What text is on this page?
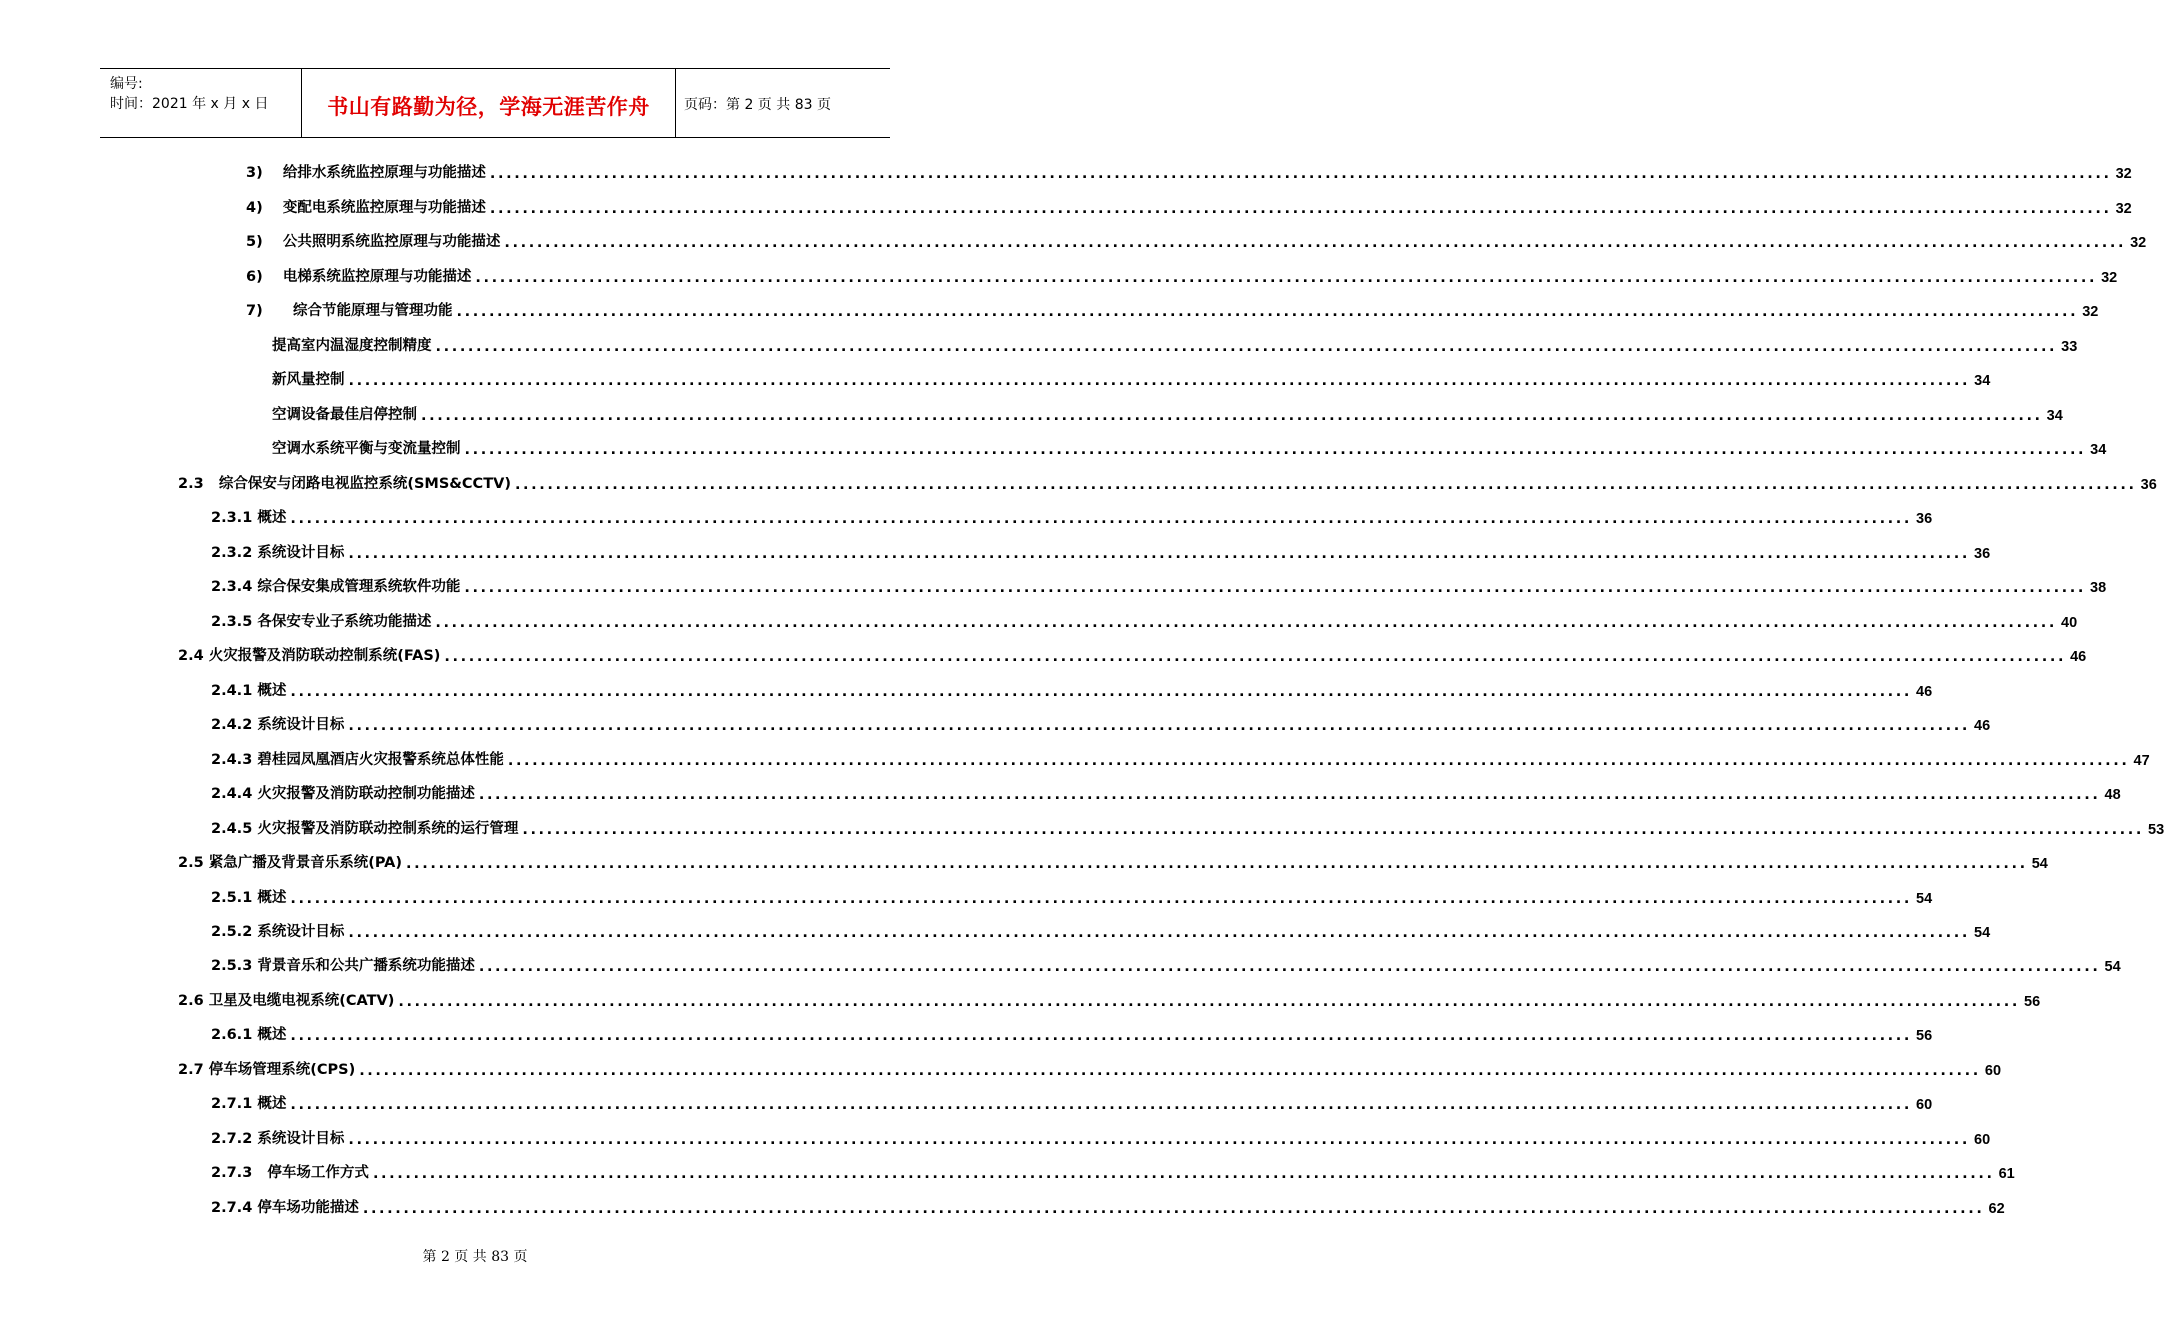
编号:
时间：2021 年 x 月 x 日	书山有路勤为径，学海无涯苦作舟	页码：第 2 页 共 83 页
3)    给排水系统监控原理与功能描述 ........................................................................................................................................................................................................ 32
4)    变配电系统监控原理与功能描述 ........................................................................................................................................................................................................ 32
5)    公共照明系统监控原理与功能描述 ........................................................................................................................................................................................................ 32
6)    电梯系统监控原理与功能描述 ........................................................................................................................................................................................................ 32
7)      综合节能原理与管理功能 ........................................................................................................................................................................................................ 32
提高室内温湿度控制精度 ........................................................................................................................................................................................................ 33
新风量控制 ........................................................................................................................................................................................................ 34
空调设备最佳启停控制 ........................................................................................................................................................................................................ 34
空调水系统平衡与变流量控制 ........................................................................................................................................................................................................ 34
2.3   综合保安与闭路电视监控系统(SMS&CCTV) ........................................................................................................................................................................................................ 36
2.3.1 概述 ........................................................................................................................................................................................................ 36
2.3.2 系统设计目标 ........................................................................................................................................................................................................ 36
2.3.4 综合保安集成管理系统软件功能 ........................................................................................................................................................................................................ 38
2.3.5 各保安专业子系统功能描述 ........................................................................................................................................................................................................ 40
2.4 火灾报警及消防联动控制系统(FAS) ........................................................................................................................................................................................................ 46
2.4.1 概述 ........................................................................................................................................................................................................ 46
2.4.2 系统设计目标 ........................................................................................................................................................................................................ 46
2.4.3 碧桂园凤凰酒店火灾报警系统总体性能 ........................................................................................................................................................................................................ 47
2.4.4 火灾报警及消防联动控制功能描述 ........................................................................................................................................................................................................ 48
2.4.5 火灾报警及消防联动控制系统的运行管理 ........................................................................................................................................................................................................ 53
2.5 紧急广播及背景音乐系统(PA) ........................................................................................................................................................................................................ 54
2.5.1 概述 ........................................................................................................................................................................................................ 54
2.5.2 系统设计目标 ........................................................................................................................................................................................................ 54
2.5.3 背景音乐和公共广播系统功能描述 ........................................................................................................................................................................................................ 54
2.6 卫星及电缆电视系统(CATV) ........................................................................................................................................................................................................ 56
2.6.1 概述 ........................................................................................................................................................................................................ 56
2.7 停车场管理系统(CPS) ........................................................................................................................................................................................................ 60
2.7.1 概述 ........................................................................................................................................................................................................ 60
2.7.2 系统设计目标 ........................................................................................................................................................................................................ 60
2.7.3   停车场工作方式 ........................................................................................................................................................................................................ 61
2.7.4 停车场功能描述 ........................................................................................................................................................................................................ 62
第 2 页 共 83 页
